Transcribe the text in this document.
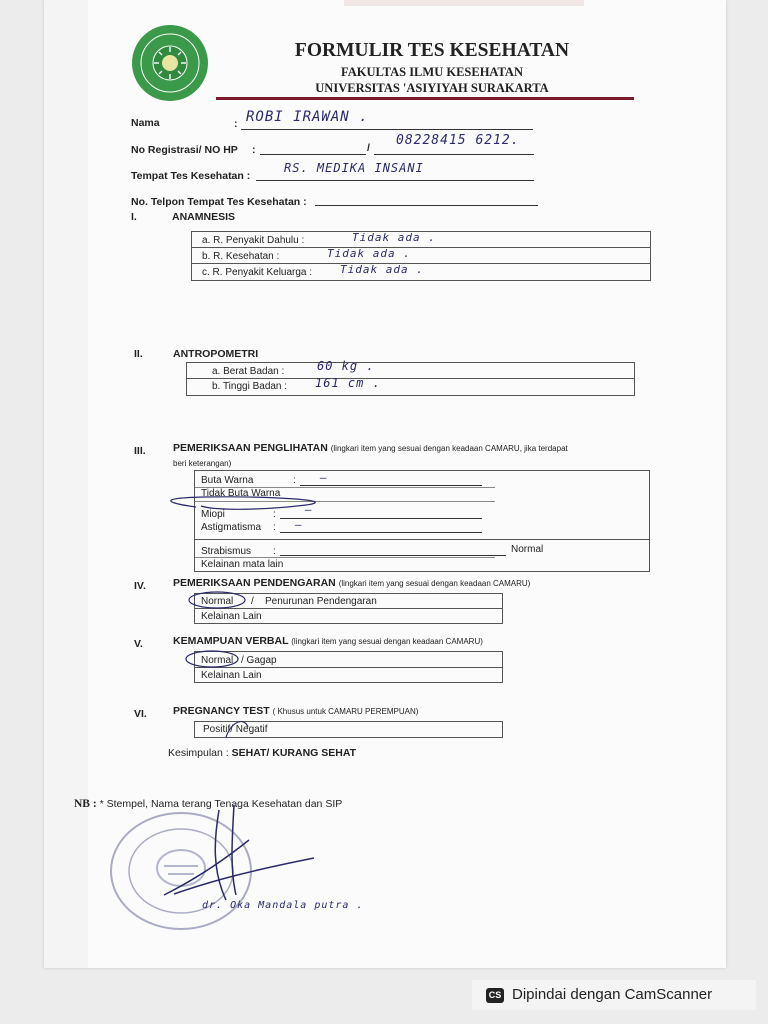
FORMULIR TES KESEHATAN
FAKULTAS ILMU KESEHATAN
UNIVERSITAS 'ASIYIYAH SURAKARTA
Nama	: ROBI IRAWAN .
No Registrasi/ NO HP :	/ 08228415 6212.
Tempat Tes Kesehatan :
RS. MEDIKA INSANI
No. Telpon Tempat Tes Kesehatan :
I.	ANAMNESIS
a. R. Penyakit Dahulu :	Tidak ada .
b. R. Kesehatan :	Tidak ada .
c. R. Penyakit Keluarga :	Tidak ada .
II.	ANTROPOMETRI
a. Berat Badan :	60 kg .
b. Tinggi Badan : 161 cm .
III.	PEMERIKSAAN PENGLIHATAN (lingkari item yang sesuai dengan keadaan CAMARU, jika terdapat
beri keterangan)
Buta Warna	: —
Tidak Buta Warna
Miopi	:	—
Astigmatisma : —
Strabismus :	Normal
Kelainan mata lain
IV.	PEMERIKSAAN PENDENGARAN (lingkari item yang sesuai dengan keadaan CAMARU)
Normal / Penurunan Pendengaran
Kelainan Lain
V.	KEMAMPUAN VERBAL (lingkari item yang sesuai dengan keadaan CAMARU)
Normal / Gagap
Kelainan Lain
VI. PREGNANCY TEST ( Khusus untuk CAMARU PEREMPUAN)
Positif/ Negatif
Kesimpulan : SEHAT/ KURANG SEHAT
NB : * Stempel, Nama terang Tenaga Kesehatan dan SIP
dr. Oka Mandala putra .
CS Dipindai dengan CamScanner
